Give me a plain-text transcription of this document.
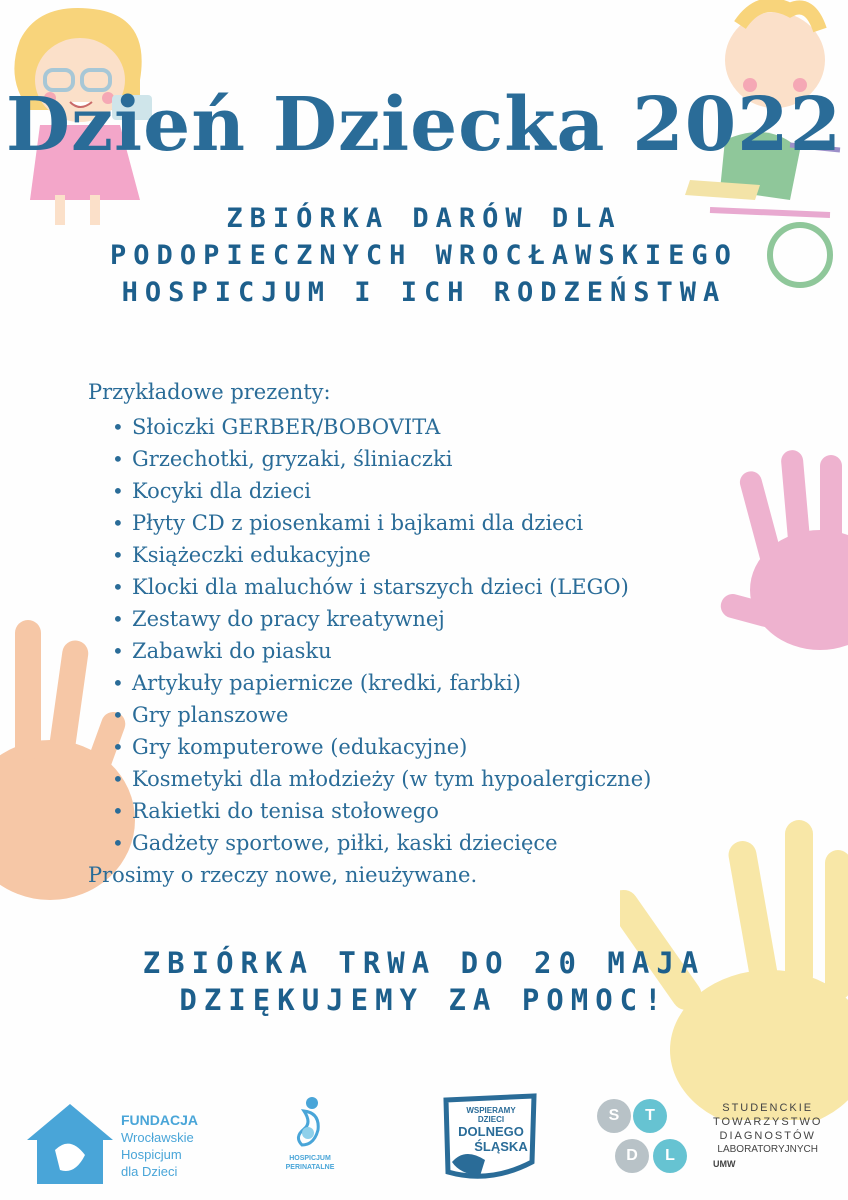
Dzień Dziecka 2022
ZBIÓRKA DARÓW DLA
PODOPIECZNYCH WROCŁAWSKIEGO
HOSPICJUM I ICH RODZEŃSTWA
Przykładowe prezenty:
• Słoiczki GERBER/BOBOVITA
• Grzechotki, gryzaki, śliniaczki
• Kocyki dla dzieci
• Płyty CD z piosenkami i bajkami dla dzieci
• Książeczki edukacyjne
• Klocki dla maluchów i starszych dzieci (LEGO)
• Zestawy do pracy kreatywnej
• Zabawki do piasku
• Artykuły papiernicze (kredki, farbki)
• Gry planszowe
• Gry komputerowe (edukacyjne)
• Kosmetyki dla młodzieży (w tym hypoalergiczne)
• Rakietki do tenisa stołowego
• Gadżety sportowe, piłki, kaski dziecięce
Prosimy o rzeczy nowe, nieużywane.
ZBIÓRKA TRWA DO 20 MAJA
DZIĘKUJEMY ZA POMOC!
FUNDACJA
Wrocławskie
Hospicjum
dla Dzieci
HOSPICJUM
PERINATALNE
WSPIERAMY
DZIECI
DOLNEGO
ŚLĄSKA
S	T
D	L
STUDENCKIE
TOWARZYSTWO
DIAGNOSTÓW
LABORATORYJNYCH
UMW
